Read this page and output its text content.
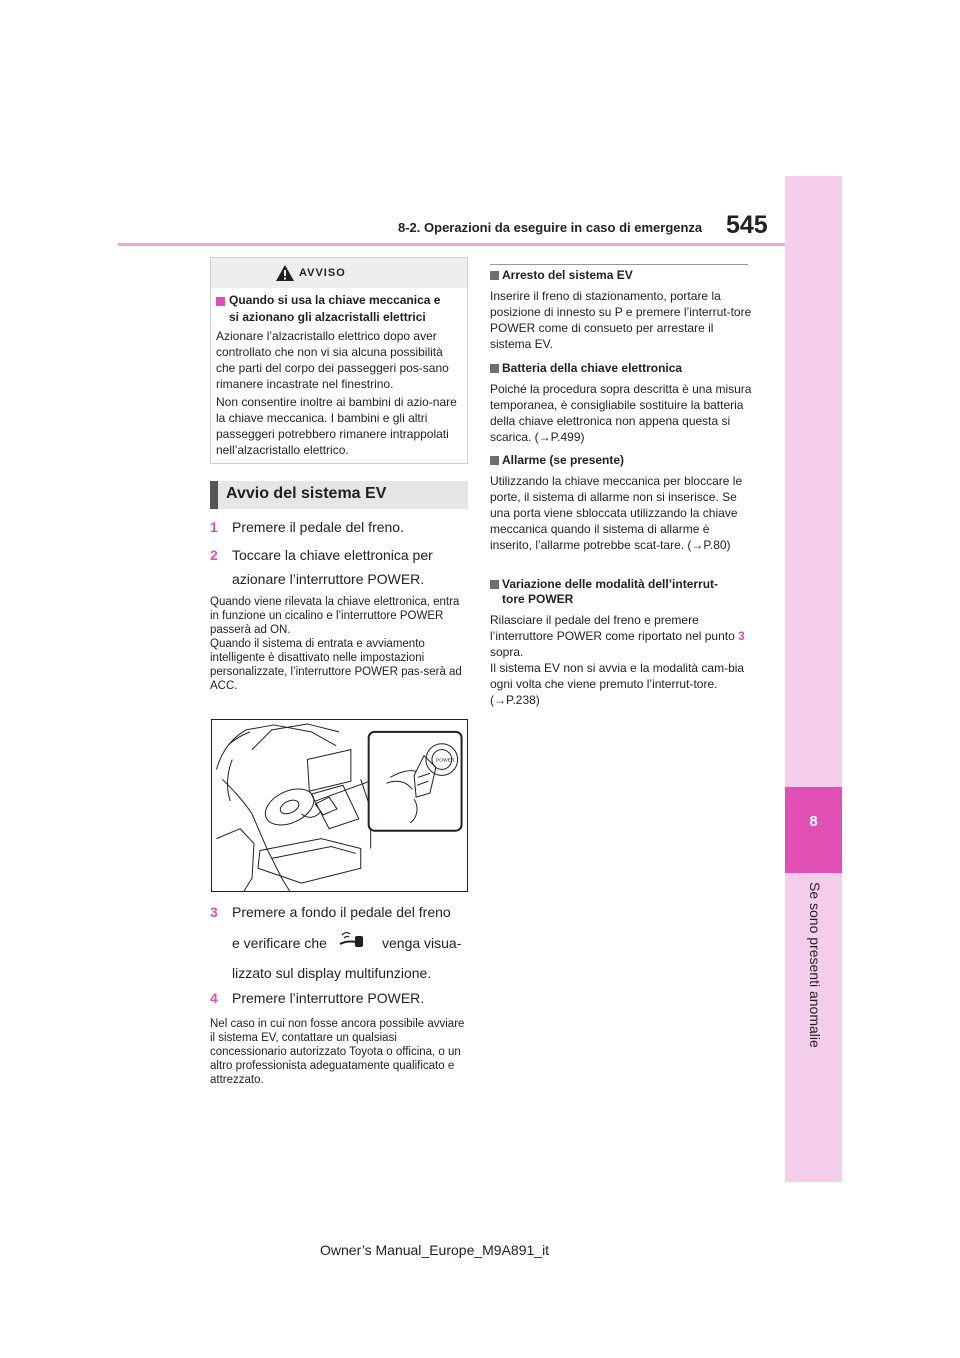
8
Se sono presenti anomalie
545
8-2. Operazioni da eseguire in caso di emergenza
AVVISO
Quando si usa la chiave meccanica e
si azionano gli alzacristalli elettrici
Azionare l’alzacristallo elettrico dopo aver controllato che non vi sia alcuna possibilità che parti del corpo dei passeggeri pos-sano rimanere incastrate nel finestrino.
Non consentire inoltre ai bambini di azio-nare la chiave meccanica. I bambini e gli altri passeggeri potrebbero rimanere intrappolati nell’alzacristallo elettrico.
Avvio del sistema EV
1 Premere il pedale del freno.
2 Toccare la chiave elettronica per
azionare l’interruttore POWER.
Quando viene rilevata la chiave elettronica, entra in funzione un cicalino e l’interruttore POWER passerà ad ON.
Quando il sistema di entrata e avviamento intelligente è disattivato nelle impostazioni personalizzate, l’interruttore POWER pas-serà ad ACC.
POWER
3 Premere a fondo il pedale del freno
e verificare che	venga visua-
lizzato sul display multifunzione.
4 Premere l’interruttore POWER.
Nel caso in cui non fosse ancora possibile avviare il sistema EV, contattare un qualsiasi concessionario autorizzato Toyota o officina, o un altro professionista adeguatamente qualificato e attrezzato.
Arresto del sistema EV
Inserire il freno di stazionamento, portare la posizione di innesto su P e premere l’interrut-tore POWER come di consueto per arrestare il sistema EV.
Batteria della chiave elettronica
Poiché la procedura sopra descritta è una misura temporanea, è consigliabile sostituire la batteria della chiave elettronica non appena questa si scarica. (→P.499)
Allarme (se presente)
Utilizzando la chiave meccanica per bloccare le porte, il sistema di allarme non si inserisce. Se una porta viene sbloccata utilizzando la chiave meccanica quando il sistema di allarme è inserito, l’allarme potrebbe scat-tare. (→P.80)
Variazione delle modalità dell’interrut-
tore POWER
Rilasciare il pedale del freno e premere l’interruttore POWER come riportato nel punto 3 sopra.
Il sistema EV non si avvia e la modalità cam-bia ogni volta che viene premuto l’interrut-tore. (→P.238)
Owner’s Manual_Europe_M9A891_it
